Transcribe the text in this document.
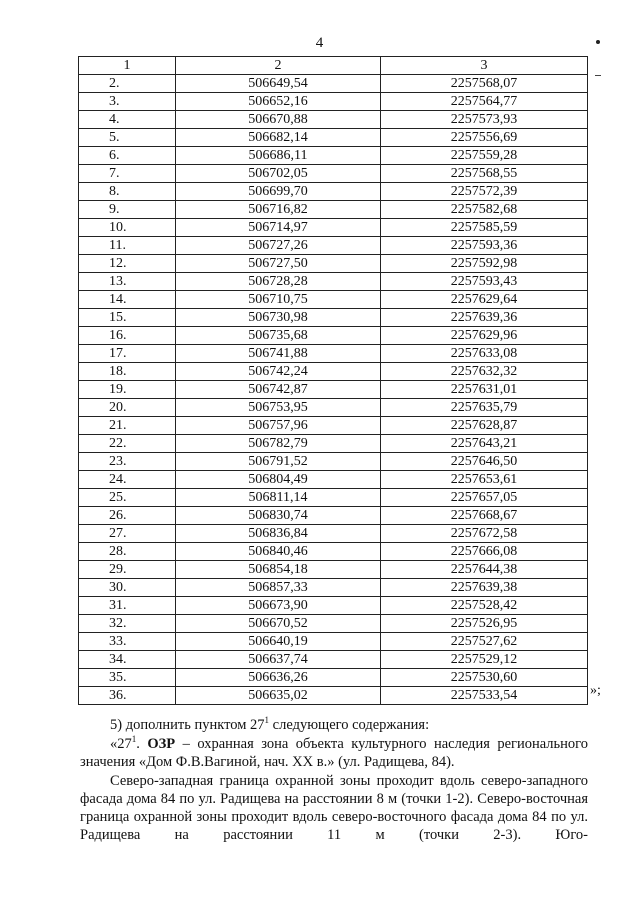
4
1	2	3
2.	506649,54	2257568,07
3.	506652,16	2257564,77
4.	506670,88	2257573,93
5.	506682,14	2257556,69
6.	506686,11	2257559,28
7.	506702,05	2257568,55
8.	506699,70	2257572,39
9.	506716,82	2257582,68
10.	506714,97	2257585,59
11.	506727,26	2257593,36
12.	506727,50	2257592,98
13.	506728,28	2257593,43
14.	506710,75	2257629,64
15.	506730,98	2257639,36
16.	506735,68	2257629,96
17.	506741,88	2257633,08
18.	506742,24	2257632,32
19.	506742,87	2257631,01
20.	506753,95	2257635,79
21.	506757,96	2257628,87
22.	506782,79	2257643,21
23.	506791,52	2257646,50
24.	506804,49	2257653,61
25.	506811,14	2257657,05
26.	506830,74	2257668,67
27.	506836,84	2257672,58
28.	506840,46	2257666,08
29.	506854,18	2257644,38
30.	506857,33	2257639,38
31.	506673,90	2257528,42
32.	506670,52	2257526,95
33.	506640,19	2257527,62
34.	506637,74	2257529,12
35.	506636,26	2257530,60
36.	506635,02	2257533,54	»;

5) дополнить пунктом $27^1$ следующего содержания:

«$27^1$. ОЗР – охранная зона объекта культурного наследия регионального значения «Дом Ф.В.Вагиной, нач. XX в.» (ул. Радищева, 84).

Северо-западная граница охранной зоны проходит вдоль северо-западного фасада дома 84 по ул. Радищева на расстоянии 8 м (точки 1-2). Северо-восточная граница охранной зоны проходит вдоль северо-восточного фасада дома 84 по ул. Радищева на расстоянии 11 м (точки 2-3). Юго-
